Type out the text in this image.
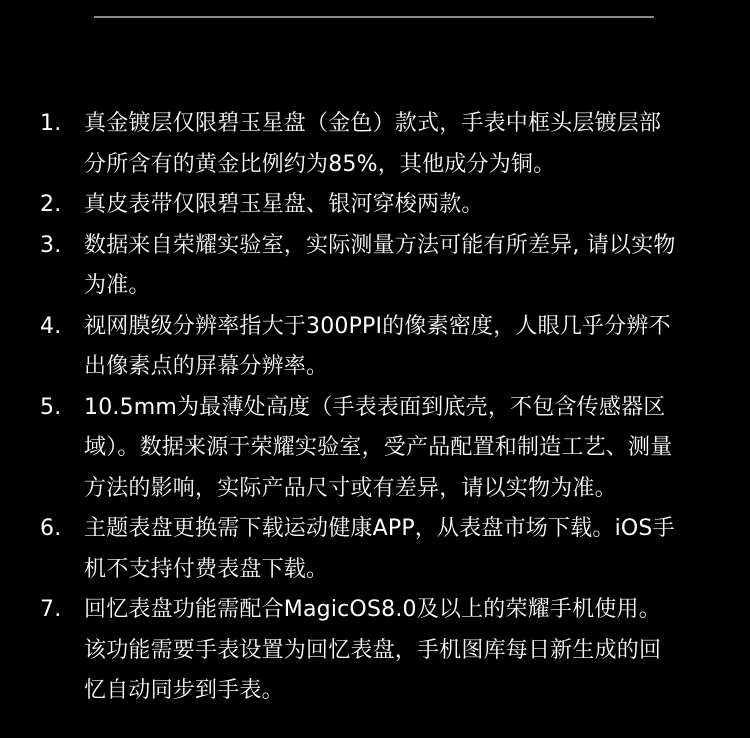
1.	真金镀层仅限碧玉星盘（金色）款式，手表中框头层镀层部分所含有的黄金比例约为85%，其他成分为铜。
2.	真皮表带仅限碧玉星盘、银河穿梭两款。
3.	数据来自荣耀实验室，实际测量方法可能有所差异, 请以实物为准。
4.	视网膜级分辨率指大于300PPI的像素密度，人眼几乎分辨不出像素点的屏幕分辨率。
5.	10.5mm为最薄处高度（手表表面到底壳，不包含传感器区域）。数据来源于荣耀实验室，受产品配置和制造工艺、测量方法的影响，实际产品尺寸或有差异，请以实物为准。
6.	主题表盘更换需下载运动健康APP，从表盘市场下载。iOS手机不支持付费表盘下载。
7.	回忆表盘功能需配合MagicOS8.0及以上的荣耀手机使用。该功能需要手表设置为回忆表盘，手机图库每日新生成的回忆自动同步到手表。
